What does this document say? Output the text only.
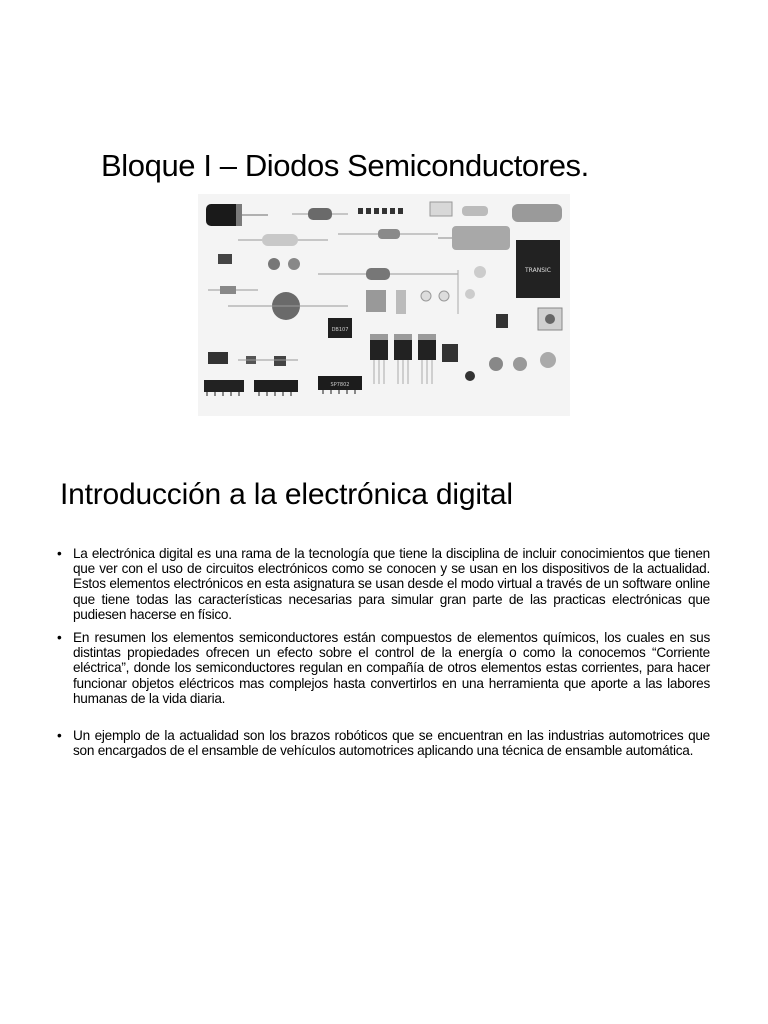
Bloque I – Diodos Semiconductores.
TRANSIC
DB107
SP7802
Introducción a la electrónica digital
• La electrónica digital es una rama de la tecnología que tiene la disciplina de incluir conocimientos que tienen que ver con el uso de circuitos electrónicos como se conocen y se usan en los dispositivos de la actualidad. Estos elementos electrónicos en esta asignatura se usan desde el modo virtual a través de un software online que tiene todas las características necesarias para simular gran parte de las practicas electrónicas que pudiesen hacerse en físico.
• En resumen los elementos semiconductores están compuestos de elementos químicos, los cuales en sus distintas propiedades ofrecen un efecto sobre el control de la energía o como la conocemos “Corriente eléctrica”, donde los semiconductores regulan en compañía de otros elementos estas corrientes, para hacer funcionar objetos eléctricos mas complejos hasta convertirlos en una herramienta que aporte a las labores humanas de la vida diaria.
• Un ejemplo de la actualidad son los brazos robóticos que se encuentran en las industrias automotrices que son encargados de el ensamble de vehículos automotrices aplicando una técnica de ensamble automática.
